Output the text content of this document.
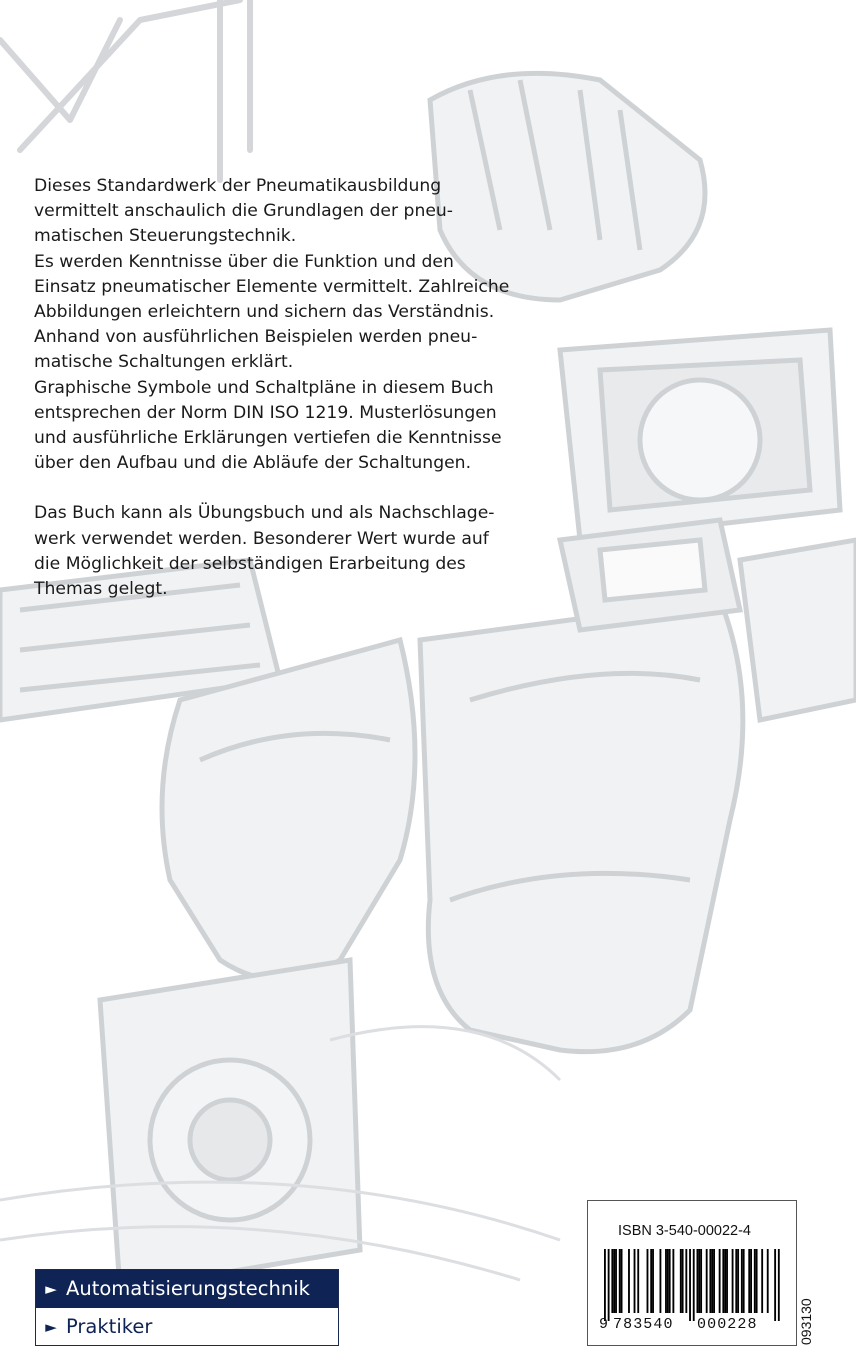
Dieses Standardwerk der Pneumatikausbildung
vermittelt anschaulich die Grundlagen der pneu-
matischen Steuerungstechnik.
Es werden Kenntnisse über die Funktion und den
Einsatz pneumatischer Elemente vermittelt. Zahlreiche
Abbildungen erleichtern und sichern das Verständnis.
Anhand von ausführlichen Beispielen werden pneu-
matische Schaltungen erklärt.
Graphische Symbole und Schaltpläne in diesem Buch
entsprechen der Norm DIN ISO 1219. Musterlösungen
und ausführliche Erklärungen vertiefen die Kenntnisse
über den Aufbau und die Abläufe der Schaltungen.

Das Buch kann als Übungsbuch und als Nachschlage-
werk verwendet werden. Besonderer Wert wurde auf
die Möglichkeit der selbständigen Erarbeitung des
Themas gelegt.

► Automatisierungstechnik
► Praktiker
ISBN 3-540-00022-4
9 783540 000228	093130
